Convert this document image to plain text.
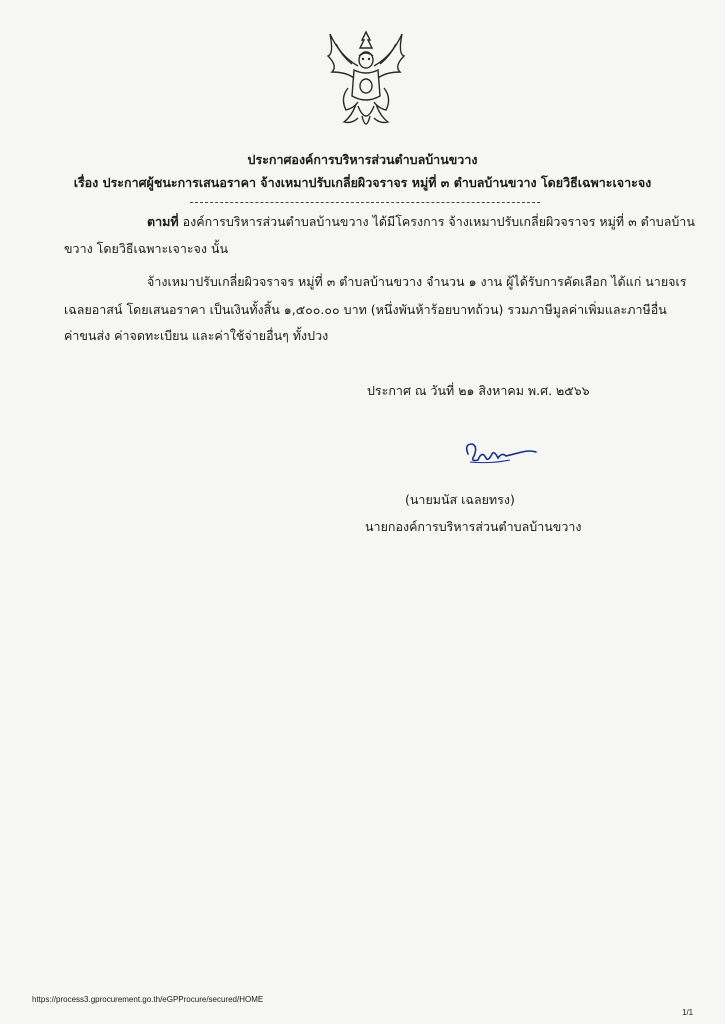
ประกาศองค์การบริหารส่วนตำบลบ้านขวาง
เรื่อง ประกาศผู้ชนะการเสนอราคา จ้างเหมาปรับเกลี่ยผิวจราจร หมู่ที่ ๓ ตำบลบ้านขวาง โดยวิธีเฉพาะเจาะจง
ตามที่ องค์การบริหารส่วนตำบลบ้านขวาง ได้มีโครงการ จ้างเหมาปรับเกลี่ยผิวจราจร หมู่ที่ ๓ ตำบลบ้าน
ขวาง โดยวิธีเฉพาะเจาะจง นั้น
จ้างเหมาปรับเกลี่ยผิวจราจร หมู่ที่ ๓ ตำบลบ้านขวาง จำนวน ๑ งาน ผู้ได้รับการคัดเลือก ได้แก่ นายจเร
เฉลยอาสน์ โดยเสนอราคา เป็นเงินทั้งสิ้น ๑,๕๐๐.๐๐ บาท (หนึ่งพันห้าร้อยบาทถ้วน) รวมภาษีมูลค่าเพิ่มและภาษีอื่น
ค่าขนส่ง ค่าจดทะเบียน และค่าใช้จ่ายอื่นๆ ทั้งปวง
ประกาศ ณ วันที่ ๒๑ สิงหาคม พ.ศ. ๒๕๖๖
(นายมนัส เฉลยทรง)
นายกองค์การบริหารส่วนตำบลบ้านขวาง
https://process3.gprocurement.go.th/eGPProcure/secured/HOME
1/1
